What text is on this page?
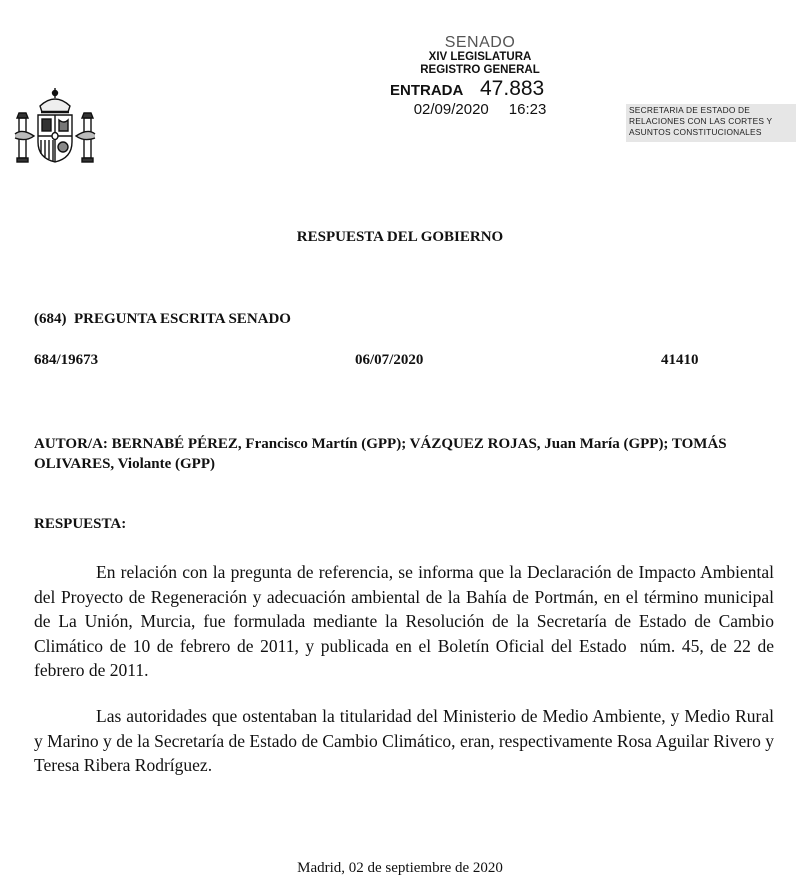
SENADO
XIV LEGISLATURA
REGISTRO GENERAL
ENTRADA 47.883
02/09/2020 16:23	SECRETARIA DE ESTADO DE
RELACIONES CON LAS CORTES Y
ASUNTOS CONSTITUCIONALES
RESPUESTA DEL GOBIERNO
(684)  PREGUNTA ESCRITA SENADO
684/19673	06/07/2020	41410
AUTOR/A: BERNABÉ PÉREZ, Francisco Martín (GPP); VÁZQUEZ ROJAS, Juan María (GPP); TOMÁS OLIVARES, Violante (GPP)
RESPUESTA:

En relación con la pregunta de referencia, se informa que la Declaración de Impacto Ambiental del Proyecto de Regeneración y adecuación ambiental de la Bahía de Portmán, en el término municipal de La Unión, Murcia, fue formulada mediante la Resolución de la Secretaría de Estado de Cambio Climático de 10 de febrero de 2011, y publicada en el Boletín Oficial del Estado  núm. 45, de 22 de febrero de 2011.

Las autoridades que ostentaban la titularidad del Ministerio de Medio Ambiente, y Medio Rural y Marino y de la Secretaría de Estado de Cambio Climático, eran, respectivamente Rosa Aguilar Rivero y Teresa Ribera Rodríguez.

Madrid, 02 de septiembre de 2020
